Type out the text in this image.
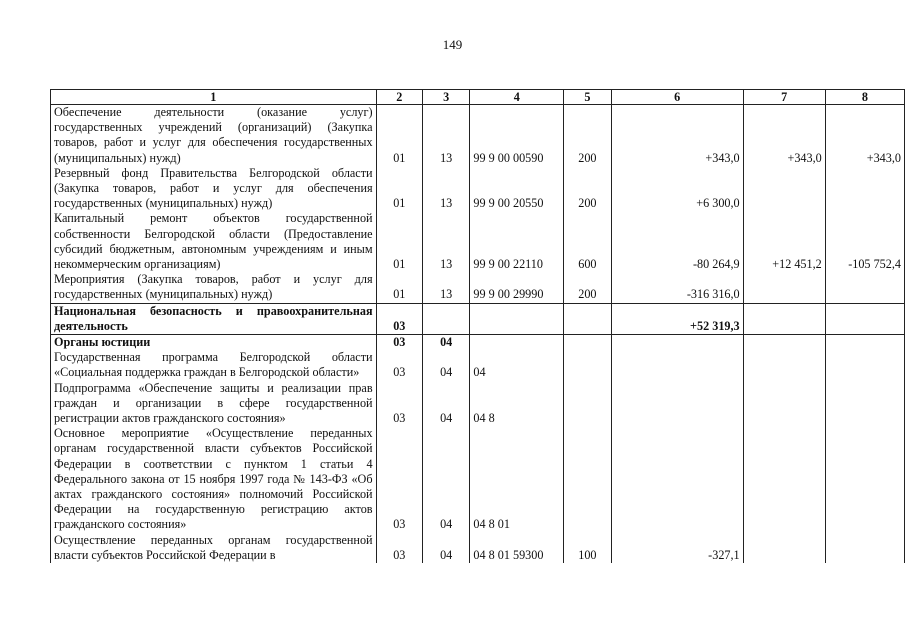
149
1	2	3	4	5	6	7	8
Обеспечение деятельности (оказание услуг) государственных учреждений (организаций) (Закупка товаров, работ и услуг для обеспечения государственных (муниципальных) нужд)	01	13	99 9 00 00590	200	+343,0	+343,0	+343,0
Резервный фонд Правительства Белгородской области (Закупка товаров, работ и услуг для обеспечения государственных (муниципальных) нужд)	01	13	99 9 00 20550	200	+6 300,0		
Капитальный ремонт объектов государственной собственности Белгородской области (Предоставление субсидий бюджетным, автономным учреждениям и иным некоммерческим организациям)	01	13	99 9 00 22110	600	-80 264,9	+12 451,2	-105 752,4
Мероприятия (Закупка товаров, работ и услуг для государственных (муниципальных) нужд)	01	13	99 9 00 29990	200	-316 316,0		
Национальная безопасность и правоохранительная деятельность	03				+52 319,3		
Органы юстиции	03	04					
Государственная программа Белгородской области «Социальная поддержка граждан в Белгородской области»	03	04	04				
Подпрограмма «Обеспечение защиты и реализации прав граждан и организации в сфере государственной регистрации актов гражданского состояния»	03	04	04 8				
Основное мероприятие «Осуществление переданных органам государственной власти субъектов Российской Федерации в соответствии с пунктом 1 статьи 4 Федерального закона от 15 ноября 1997 года № 143-ФЗ «Об актах гражданского состояния» полномочий Российской Федерации на государственную регистрацию актов гражданского состояния»	03	04	04 8 01				
Осуществление переданных органам государственной власти субъектов Российской Федерации в	03	04	04 8 01 59300	100	-327,1		
